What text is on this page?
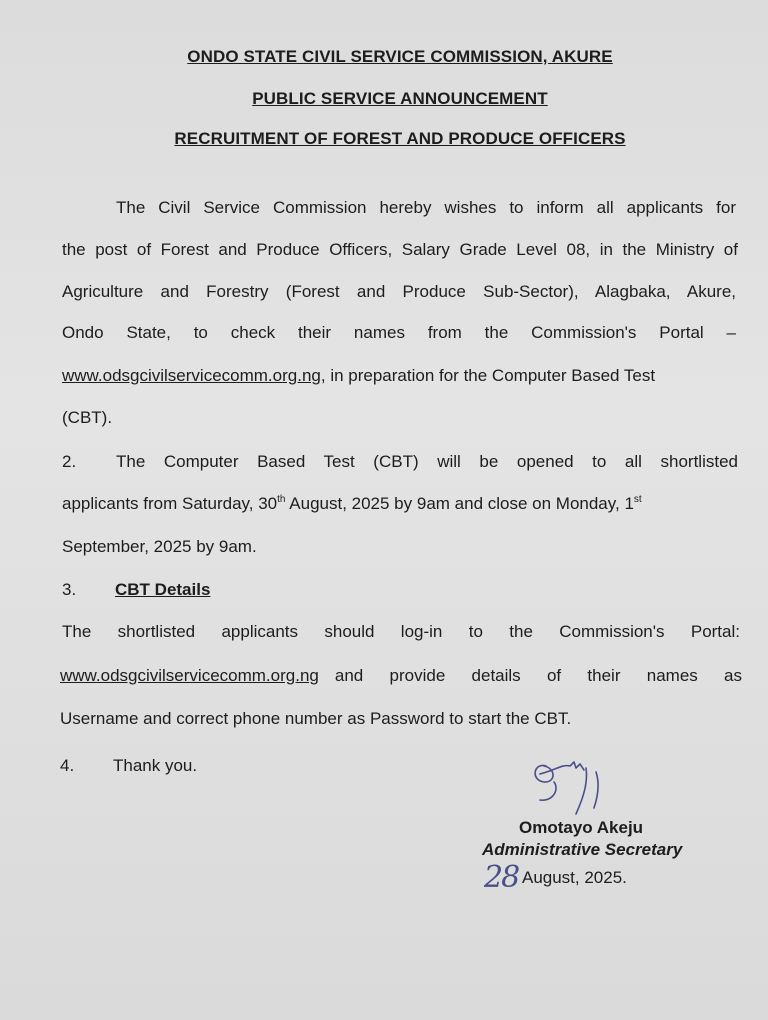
ONDO STATE CIVIL SERVICE COMMISSION, AKURE
PUBLIC SERVICE ANNOUNCEMENT
RECRUITMENT OF FOREST AND PRODUCE OFFICERS
The Civil Service Commission hereby wishes to inform all applicants for
the post of Forest and Produce Officers, Salary Grade Level 08, in the Ministry of
Agriculture and Forestry (Forest and Produce Sub-Sector), Alagbaka, Akure,
Ondo State, to check their names from the Commission's Portal –
www.odsgcivilservicecomm.org.ng, in preparation for the Computer Based Test
(CBT).
2. The Computer Based Test (CBT) will be opened to all shortlisted
applicants from Saturday, 30th August, 2025 by 9am and close on Monday, 1st
September, 2025 by 9am.
3. CBT Details
The shortlisted applicants should log-in to the Commission's Portal:
www.odsgcivilservicecomm.org.ng and provide details of their names as
Username and correct phone number as Password to start the CBT.
4. Thank you.
Omotayo Akeju
Administrative Secretary
28 August, 2025.
